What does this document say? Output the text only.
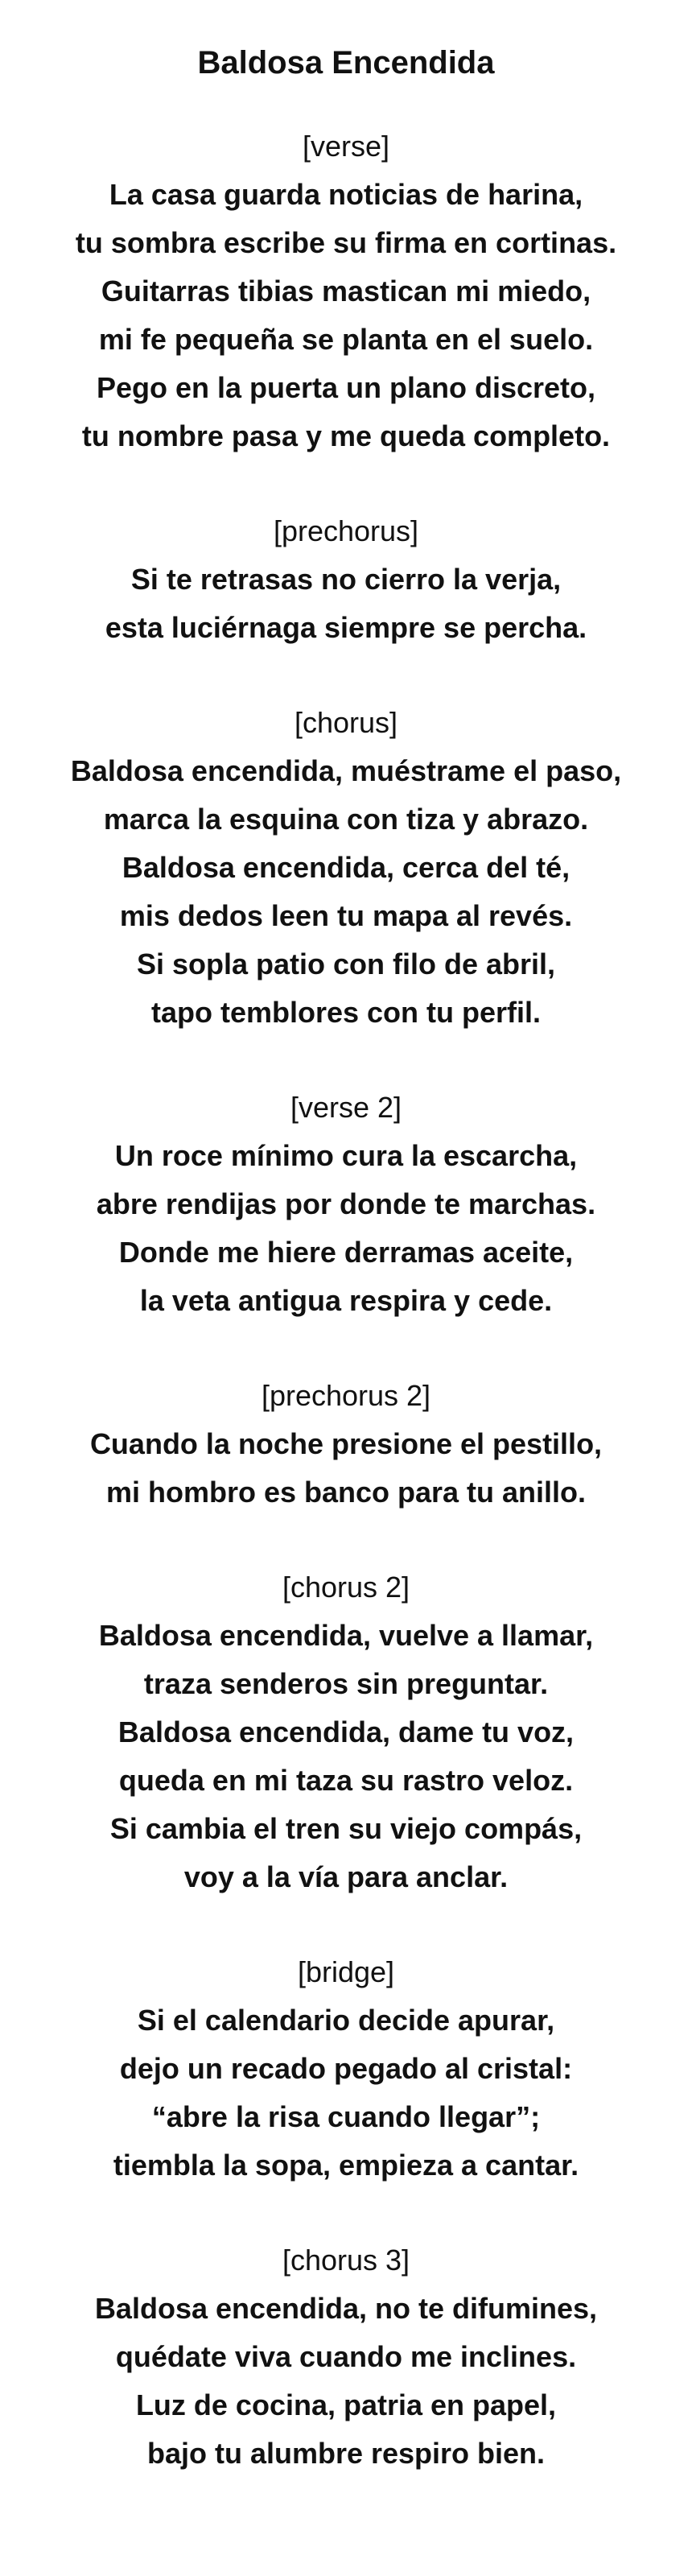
Baldosa Encendida

[verse]

La casa guarda noticias de harina,

tu sombra escribe su firma en cortinas.

Guitarras tibias mastican mi miedo,

mi fe pequeña se planta en el suelo.

Pego en la puerta un plano discreto,

tu nombre pasa y me queda completo.

[prechorus]

Si te retrasas no cierro la verja,

esta luciérnaga siempre se percha.

[chorus]

Baldosa encendida, muéstrame el paso,

marca la esquina con tiza y abrazo.

Baldosa encendida, cerca del té,

mis dedos leen tu mapa al revés.

Si sopla patio con filo de abril,

tapo temblores con tu perfil.

[verse 2]

Un roce mínimo cura la escarcha,

abre rendijas por donde te marchas.

Donde me hiere derramas aceite,

la veta antigua respira y cede.

[prechorus 2]

Cuando la noche presione el pestillo,

mi hombro es banco para tu anillo.

[chorus 2]

Baldosa encendida, vuelve a llamar,

traza senderos sin preguntar.

Baldosa encendida, dame tu voz,

queda en mi taza su rastro veloz.

Si cambia el tren su viejo compás,

voy a la vía para anclar.

[bridge]

Si el calendario decide apurar,

dejo un recado pegado al cristal:

“abre la risa cuando llegar”;

tiembla la sopa, empieza a cantar.

[chorus 3]

Baldosa encendida, no te difumines,

quédate viva cuando me inclines.

Luz de cocina, patria en papel,

bajo tu alumbre respiro bien.
